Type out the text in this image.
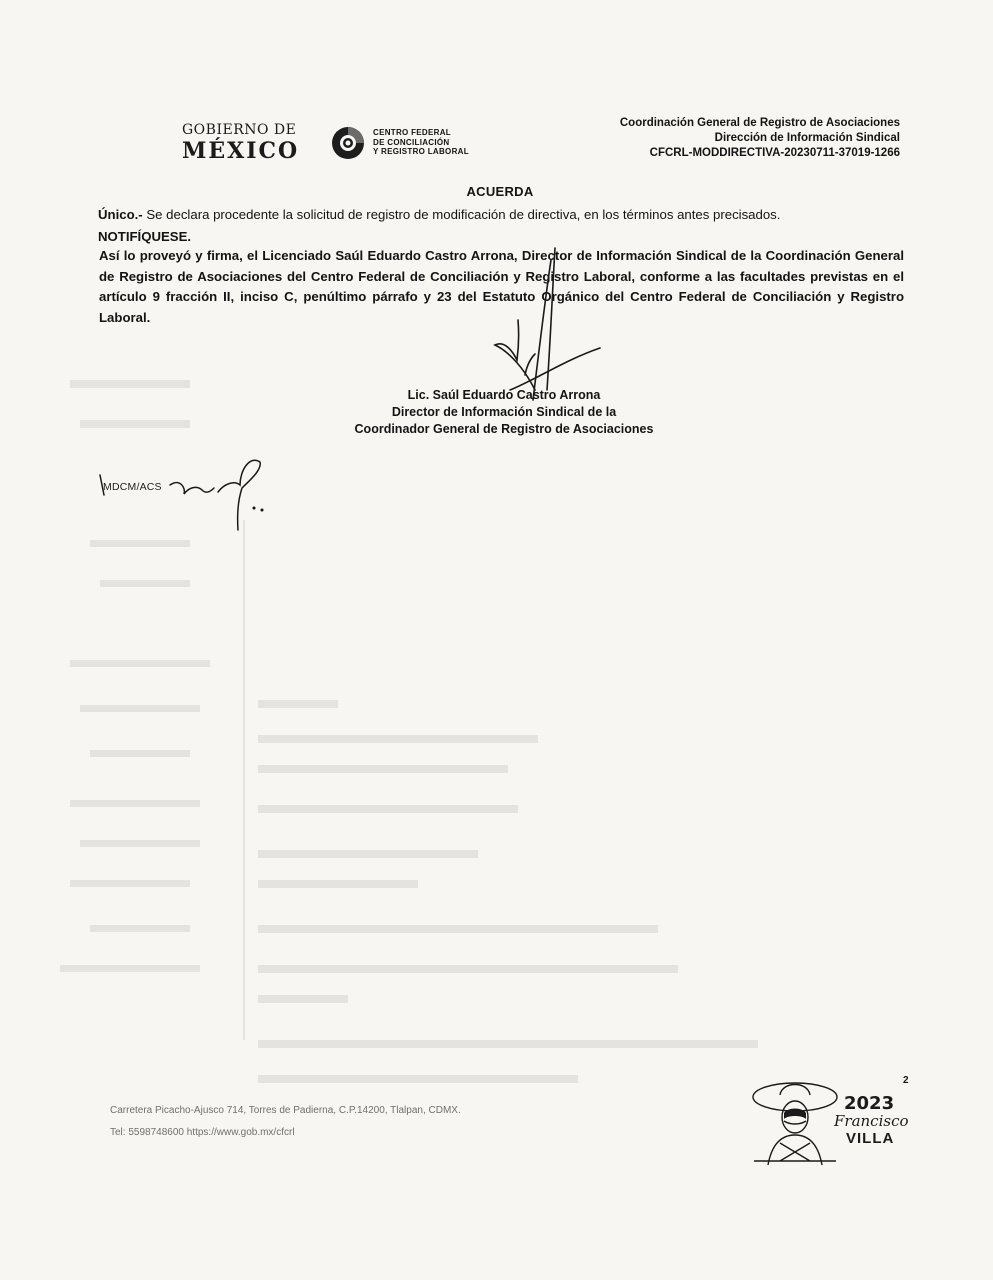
GOBIERNO DE
MÉXICO
CENTRO FEDERAL
DE CONCILIACIÓN
Y REGISTRO LABORAL
Coordinación General de Registro de Asociaciones
Dirección de Información Sindical
CFCRL-MODDIRECTIVA-20230711-37019-1266
ACUERDA
Único.- Se declara procedente la solicitud de registro de modificación de directiva, en los términos antes precisados.
NOTIFÍQUESE.
Así lo proveyó y firma, el Licenciado Saúl Eduardo Castro Arrona, Director de Información Sindical de la Coordinación General de Registro de Asociaciones del Centro Federal de Conciliación y Registro Laboral, conforme a las facultades previstas en el artículo 9 fracción II, inciso C, penúltimo párrafo y 23 del Estatuto Orgánico del Centro Federal de Conciliación y Registro Laboral.
Lic. Saúl Eduardo Castro Arrona
Director de Información Sindical de la
Coordinador General de Registro de Asociaciones
MDCM/ACS
Carretera Picacho-Ajusco 714, Torres de Padierna, C.P.14200, Tlalpan, CDMX.
Tel: 5598748600 https://www.gob.mx/cfcrl
2
2023
Francisco
VILLA
